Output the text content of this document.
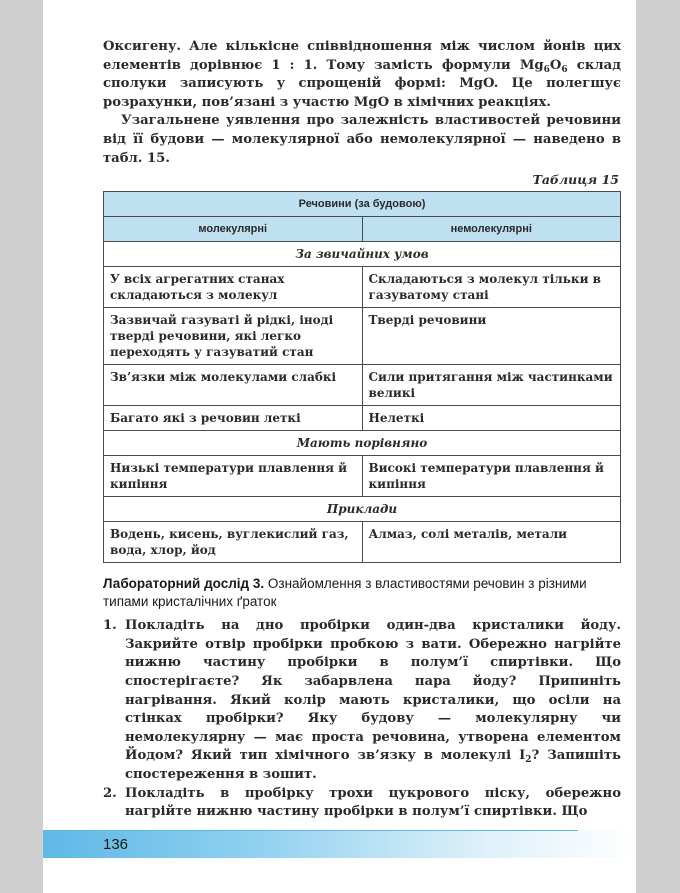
Оксигену. Але кількісне співвідношення між числом йонів цих елементів дорівнює 1 : 1. Тому замість формули $Mg_6O_6$ склад сполуки записують у спрощеній формі: MgO. Це полегшує розрахунки, пов’язані з участю MgO в хімічних реакціях.

Узагальнене уявлення про залежність властивостей речовини від її будови — молекулярної або немолекулярної — наведено в табл. 15.

Таблиця 15
Речовини (за будовою)	
молекулярні	немолекулярні
За звичайних умов	
У всіх агрегатних станах складаються з молекул	Складаються з молекул тільки в газуватому стані
Зазвичай газуваті й рідкі, іноді тверді речовини, які легко переходять у газуватий стан	Тверді речовини
Зв’язки між молекулами слабкі	Сили притягання між частинками великі
Багато які з речовин леткі	Нелеткі
Мають порівняно	
Низькі температури плавлення й кипіння	Високі температури плавлення й кипіння
Приклади	
Водень, кисень, вуглекислий газ, вода, хлор, йод	Алмаз, солі металів, метали
Лабораторний дослід 3. Ознайомлення з властивостями речовин з різними типами кристалічних ґраток
1. Покладіть на дно пробірки один-два кристалики йоду. Закрийте отвір пробірки пробкою з вати. Обережно нагрійте нижню частину пробірки в полум’ї спиртівки. Що спостерігаєте? Як забарвлена пара йоду? Припиніть нагрівання. Який колір мають кристалики, що осіли на стінках пробірки? Яку будову — молекулярну чи немолекулярну — має проста речовина, утворена елементом Йодом? Який тип хімічного зв’язку в молекулі $I_2$? Запишіть спостереження в зошит.
2. Покладіть в пробірку трохи цукрового піску, обережно нагрійте нижню частину пробірки в полум’ї спиртівки. Що
136
